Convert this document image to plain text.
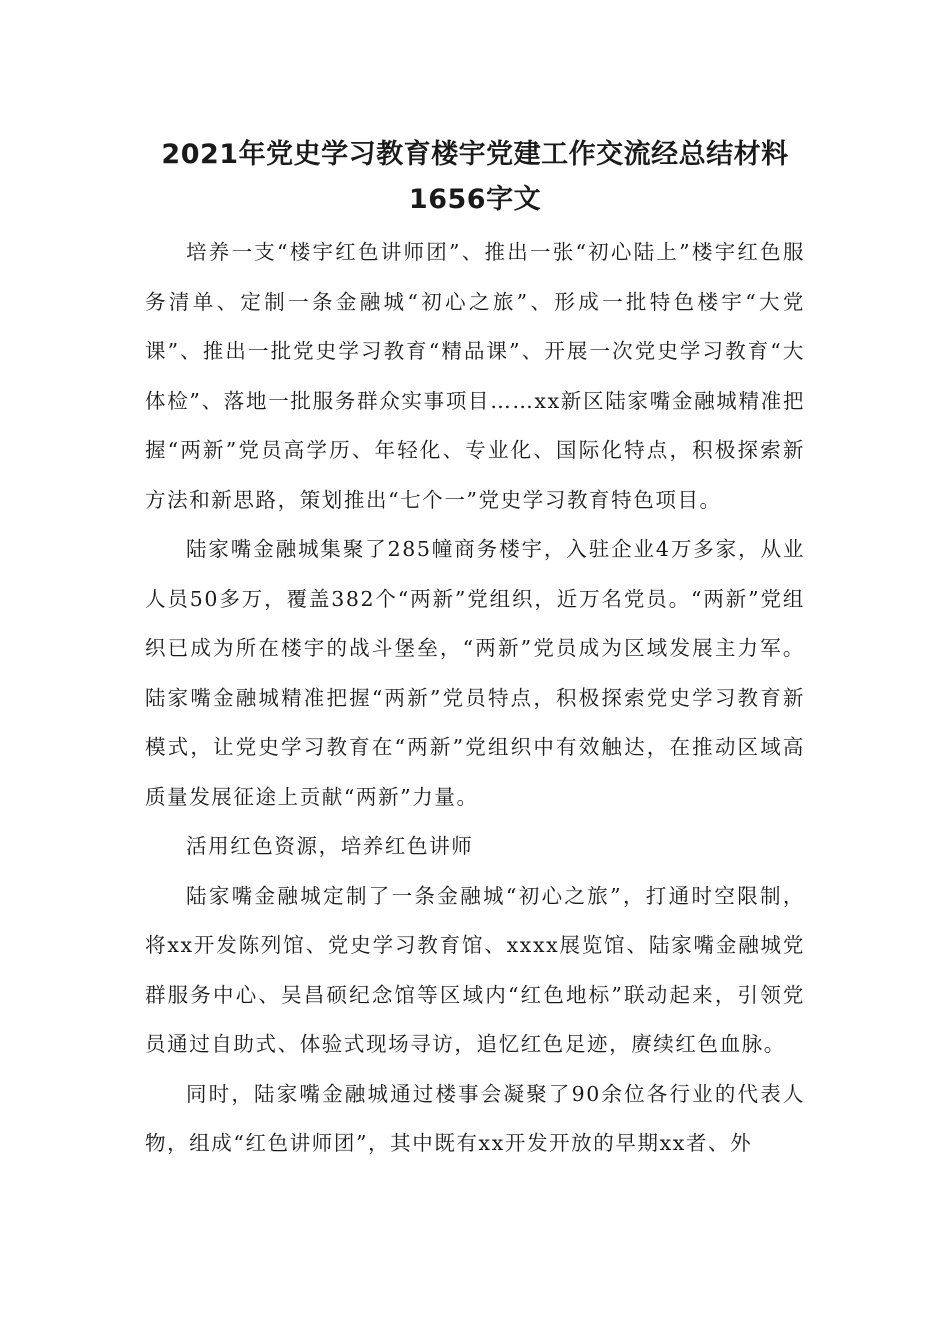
2021年党史学习教育楼宇党建工作交流经总结材料
1656字文

培养一支“楼宇红色讲师团”、推出一张“初心陆上”楼宇红色服务清单、定制一条金融城“初心之旅”、形成一批特色楼宇“大党课”、推出一批党史学习教育“精品课”、开展一次党史学习教育“大体检”、落地一批服务群众实事项目……xx新区陆家嘴金融城精准把握“两新”党员高学历、年轻化、专业化、国际化特点，积极探索新方法和新思路，策划推出“七个一”党史学习教育特色项目。

陆家嘴金融城集聚了285幢商务楼宇，入驻企业4万多家，从业人员50多万，覆盖382个“两新”党组织，近万名党员。“两新”党组织已成为所在楼宇的战斗堡垒，“两新”党员成为区域发展主力军。陆家嘴金融城精准把握“两新”党员特点，积极探索党史学习教育新模式，让党史学习教育在“两新”党组织中有效触达，在推动区域高质量发展征途上贡献“两新”力量。

活用红色资源，培养红色讲师

陆家嘴金融城定制了一条金融城“初心之旅”，打通时空限制，将xx开发陈列馆、党史学习教育馆、xxxx展览馆、陆家嘴金融城党群服务中心、吴昌硕纪念馆等区域内“红色地标”联动起来，引领党员通过自助式、体验式现场寻访，追忆红色足迹，赓续红色血脉。

同时，陆家嘴金融城通过楼事会凝聚了90余位各行业的代表人物，组成“红色讲师团”，其中既有xx开发开放的早期xx者、外
